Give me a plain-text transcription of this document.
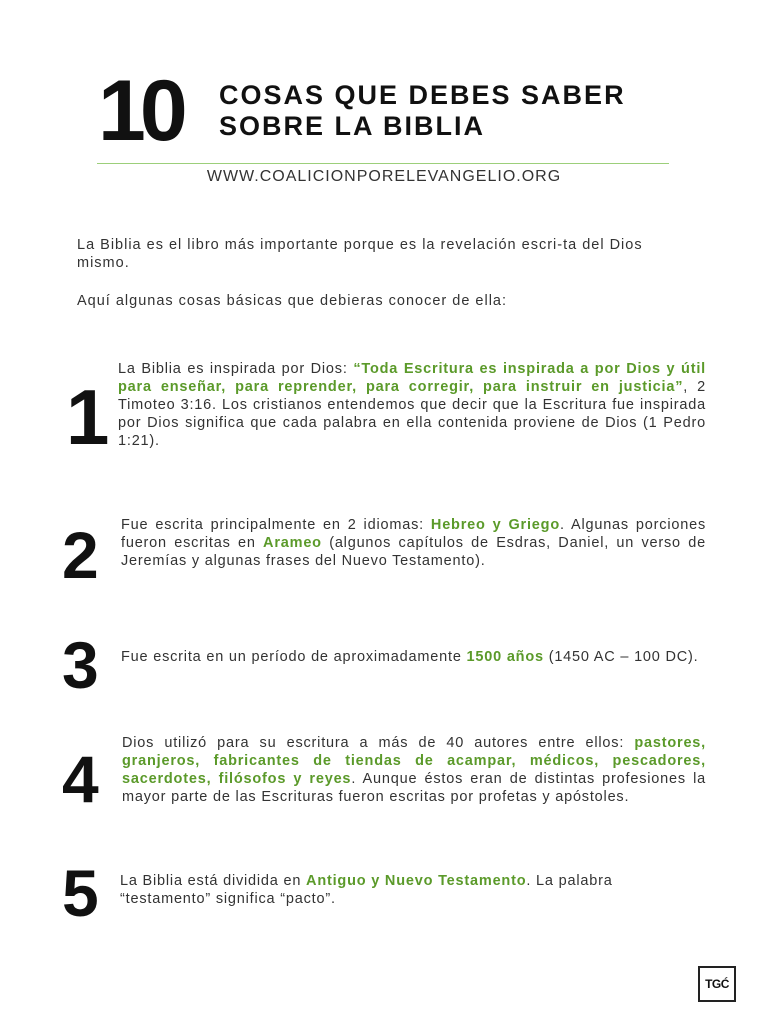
10 COSAS QUE DEBES SABER
SOBRE LA BIBLIA
WWW.COALICIONPORELEVANGELIO.ORG

La Biblia es el libro más importante porque es la revelación escri-ta del Dios mismo.

Aquí algunas cosas básicas que debieras conocer de ella:

1

La Biblia es inspirada por Dios: “Toda Escritura es inspirada a por Dios y útil para enseñar, para reprender, para corregir, para instruir en justicia”, 2 Timoteo 3:16. Los cristianos entendemos que decir que la Escritura fue inspirada por Dios significa que cada palabra en ella contenida proviene de Dios (1 Pedro 1:21).

2 Fue escrita principalmente en 2 idiomas: Hebreo y Griego. Algunas porciones fueron escritas en Arameo (algunos capítulos de Esdras, Daniel, un verso de Jeremías y algunas frases del Nuevo Testamento).

3 Fue escrita en un período de aproximadamente 1500 años (1450 AC – 100 DC).

4 Dios utilizó para su escritura a más de 40 autores entre ellos: pastores, granjeros, fabricantes de tiendas de acampar, médicos, pescadores, sacerdotes, filósofos y reyes. Aunque éstos eran de distintas profesiones la mayor parte de las Escrituras fueron escritas por profetas y apóstoles.

5 La Biblia está dividida en Antiguo y Nuevo Testamento. La palabra “testamento” significa “pacto”.

TGĆ
